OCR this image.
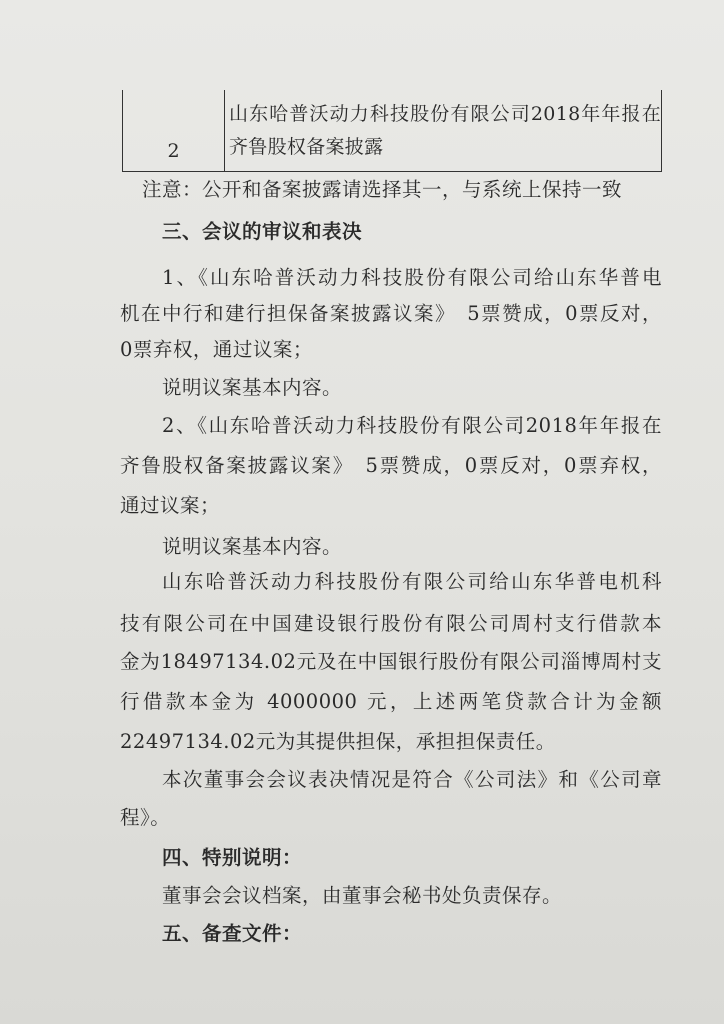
2
山东哈普沃动力科技股份有限公司2018年年报在
齐鲁股权备案披露
注意：公开和备案披露请选择其一，与系统上保持一致
三、会议的审议和表决
1、《山东哈普沃动力科技股份有限公司给山东华普电
机在中行和建行担保备案披露议案》　5票赞成，0票反对，
0票弃权，通过议案；
说明议案基本内容。
2、《山东哈普沃动力科技股份有限公司2018年年报在
齐鲁股权备案披露议案》　5票赞成，0票反对，0票弃权，
通过议案；
说明议案基本内容。
山东哈普沃动力科技股份有限公司给山东华普电机科
技有限公司在中国建设银行股份有限公司周村支行借款本
金为18497134.02元及在中国银行股份有限公司淄博周村支
行借款本金为 4000000 元，上述两笔贷款合计为金额
22497134.02元为其提供担保，承担担保责任。
本次董事会会议表决情况是符合《公司法》和《公司章
程》。
四、特别说明：
董事会会议档案，由董事会秘书处负责保存。
五、备查文件：
